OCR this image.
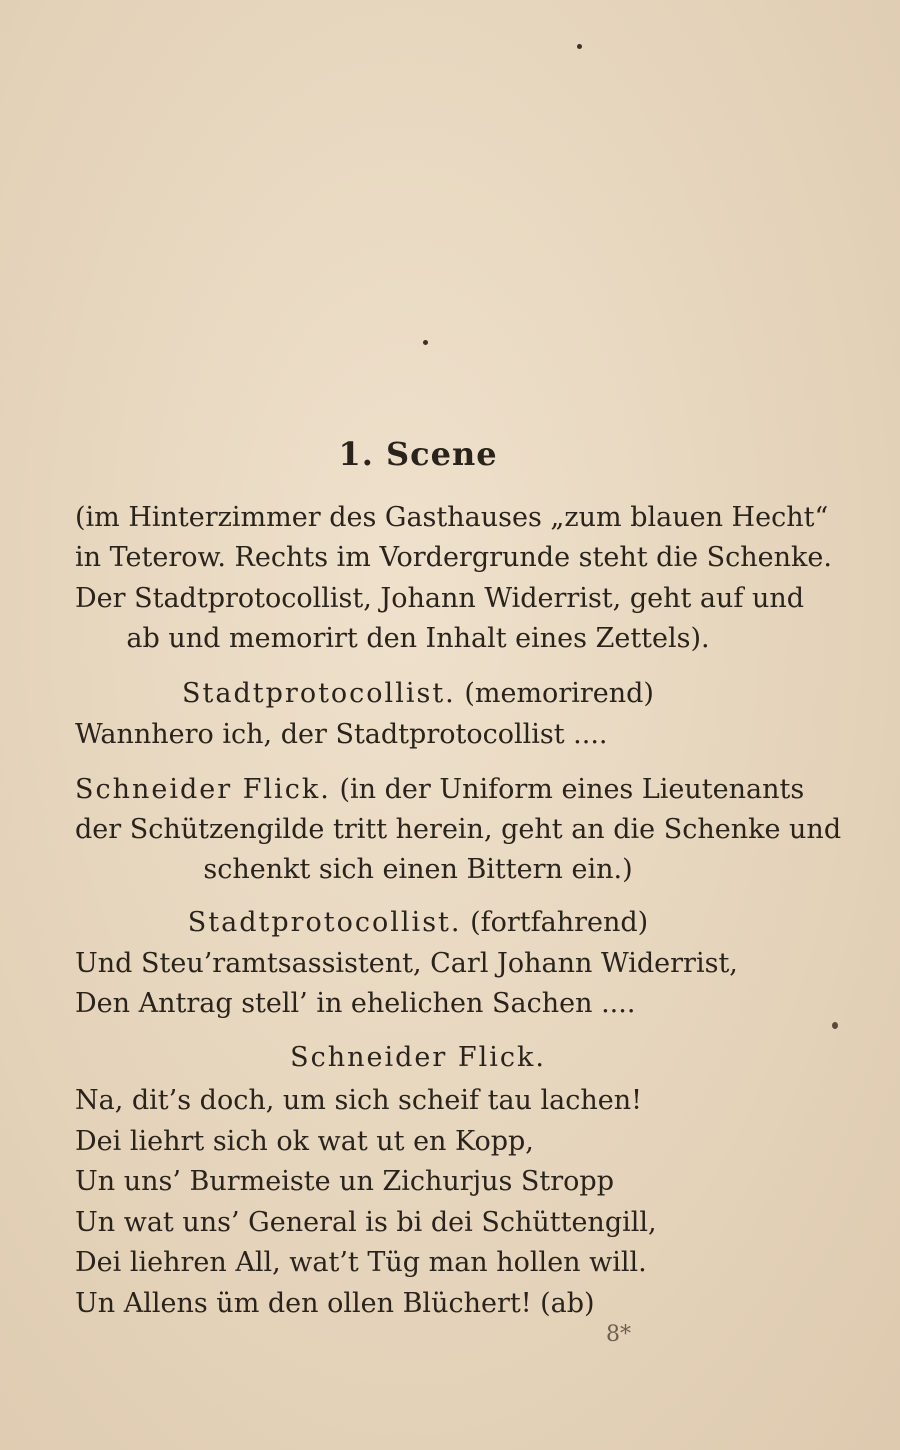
1. Scene
(im Hinterzimmer des Gasthauses „zum blauen Hecht“
in Teterow. Rechts im Vordergrunde steht die Schenke.
Der Stadtprotocollist, Johann Widerrist, geht auf und
ab und memorirt den Inhalt eines Zettels).
Stadtprotocollist. (memorirend)
Wannhero ich, der Stadtprotocollist ....
Schneider Flick. (in der Uniform eines Lieutenants
der Schützengilde tritt herein, geht an die Schenke und
schenkt sich einen Bittern ein.)
Stadtprotocollist. (fortfahrend)
Und Steu’ramtsassistent, Carl Johann Widerrist,
Den Antrag stell’ in ehelichen Sachen ....
Schneider Flick.
Na, dit’s doch, um sich scheif tau lachen!
Dei liehrt sich ok wat ut en Kopp,
Un uns’ Burmeiste un Zichurjus Stropp
Un wat uns’ General is bi dei Schüttengill,
Dei liehren All, wat’t Tüg man hollen will.
Un Allens üm den ollen Blüchert! (ab)
8*
